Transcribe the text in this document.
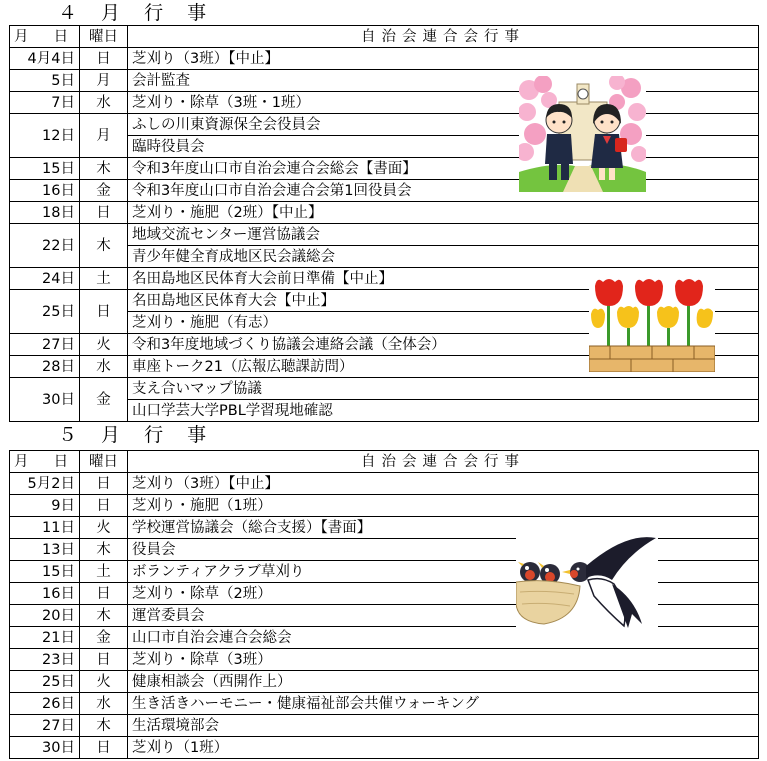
４ 月 行 事
月　 日	曜日	自治会連合会行事
4月4日	日	芝刈り（3班）【中止】
5日	月	会計監査
7日	水	芝刈り・除草（3班・1班）
12日	月	ふしの川東資源保全会役員会
		臨時役員会
15日	木	令和3年度山口市自治会連合会総会【書面】
16日	金	令和3年度山口市自治会連合会第1回役員会
18日	日	芝刈り・施肥（2班）【中止】
22日	木	地域交流センター運営協議会
		青少年健全育成地区民会議総会
24日	土	名田島地区民体育大会前日準備【中止】
25日	日	名田島地区民体育大会【中止】
		芝刈り・施肥（有志）
27日	火	令和3年度地域づくり協議会連絡会議（全体会）
28日	水	車座トーク21（広報広聴課訪問）
30日	金	支え合いマップ協議
		山口学芸大学PBL学習現地確認
５ 月 行 事
月　 日	曜日	自治会連合会行事
5月2日	日	芝刈り（3班）【中止】
9日	日	芝刈り・施肥（1班）
11日	火	学校運営協議会（総合支援）【書面】
13日	木	役員会
15日	土	ボランティアクラブ草刈り
16日	日	芝刈り・除草（2班）
20日	木	運営委員会
21日	金	山口市自治会連合会総会
23日	日	芝刈り・除草（3班）
25日	火	健康相談会（西開作上）
26日	水	生き活きハーモニー・健康福祉部会共催ウォーキング
27日	木	生活環境部会
30日	日	芝刈り（1班）
